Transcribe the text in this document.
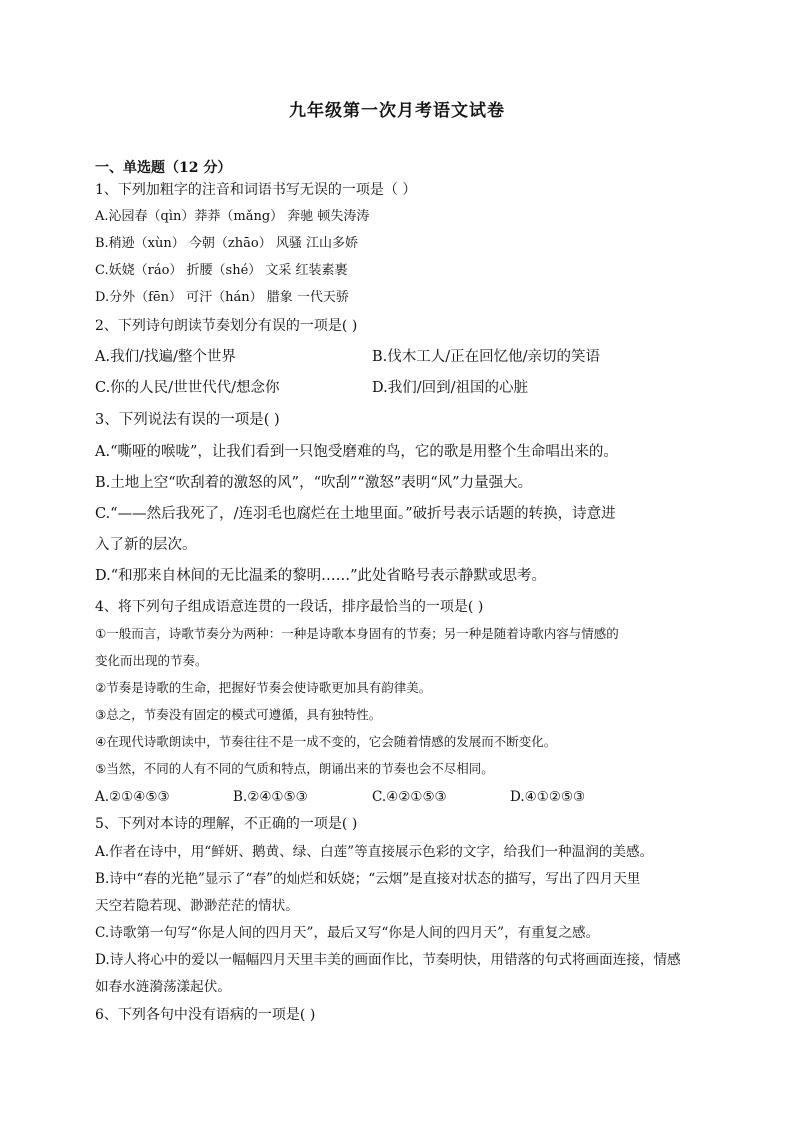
九年级第一次月考语文试卷
一、单选题（12 分）
1、下列加粗字的注音和词语书写无误的一项是（ ）
A.沁园春（qìn）莽莽（mǎng） 奔驰 顿失涛涛
B.稍逊（xùn） 今朝（zhāo） 风骚 江山多娇
C.妖娆（ráo） 折腰（shé） 文采 红装素裹
D.分外（fēn） 可汗（hán） 腊象 一代天骄
2、下列诗句朗读节奏划分有误的一项是( )
A.我们/找遍/整个世界	B.伐木工人/正在回忆他/亲切的笑语
C.你的人民/世世代代/想念你	D.我们/回到/祖国的心脏
3、下列说法有误的一项是( )
A.“嘶哑的喉咙”，让我们看到一只饱受磨难的鸟，它的歌是用整个生命唱出来的。
B.土地上空“吹刮着的激怒的风”，“吹刮”“激怒”表明“风”力量强大。
C.“——然后我死了，/连羽毛也腐烂在土地里面。”破折号表示话题的转换，诗意进
入了新的层次。
D.“和那来自林间的无比温柔的黎明……”此处省略号表示静默或思考。
4、将下列句子组成语意连贯的一段话，排序最恰当的一项是( )
①一般而言，诗歌节奏分为两种：一种是诗歌本身固有的节奏；另一种是随着诗歌内容与情感的
变化而出现的节奏。
②节奏是诗歌的生命，把握好节奏会使诗歌更加具有韵律美。
③总之，节奏没有固定的模式可遵循，具有独特性。
④在现代诗歌朗读中，节奏往往不是一成不变的，它会随着情感的发展而不断变化。
⑤当然，不同的人有不同的气质和特点，朗诵出来的节奏也会不尽相同。
A.②①④⑤③	B.②④①⑤③	C.④②①⑤③	D.④①②⑤③
5、下列对本诗的理解，不正确的一项是( )
A.作者在诗中，用“鲜妍、鹅黄、绿、白莲”等直接展示色彩的文字，给我们一种温润的美感。
B.诗中“春的光艳”显示了“春”的灿烂和妖娆；“云烟”是直接对状态的描写，写出了四月天里
天空若隐若现、渺渺茫茫的情状。
C.诗歌第一句写“你是人间的四月天”，最后又写“你是人间的四月天”，有重复之感。
D.诗人将心中的爱以一幅幅四月天里丰美的画面作比，节奏明快，用错落的句式将画面连接，情感
如春水涟漪荡漾起伏。
6、下列各句中没有语病的一项是( )
